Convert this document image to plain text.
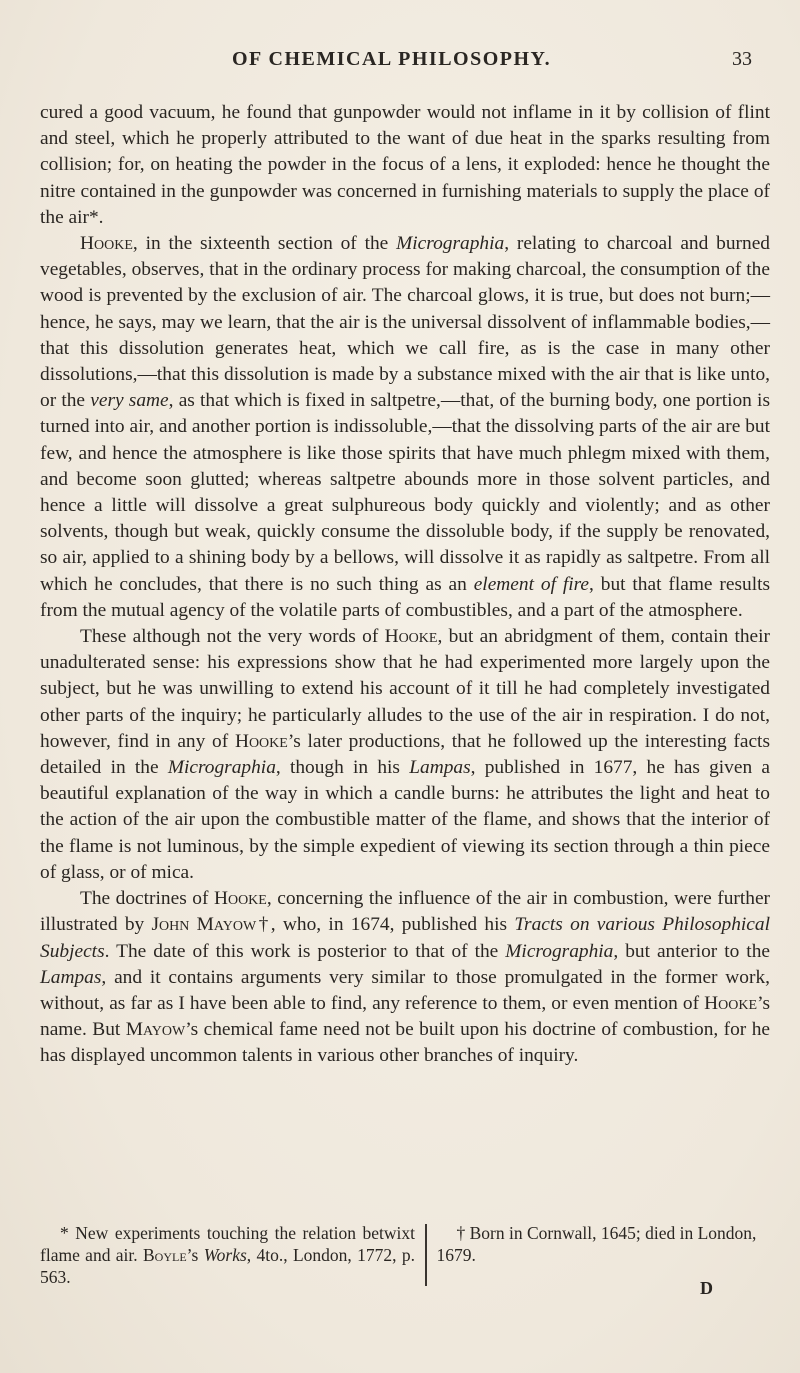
OF CHEMICAL PHILOSOPHY.	33

cured a good vacuum, he found that gunpowder would not inflame in it by collision of flint and steel, which he properly attributed to the want of due heat in the sparks resulting from collision; for, on heating the powder in the focus of a lens, it exploded: hence he thought the nitre contained in the gunpowder was concerned in furnishing materials to supply the place of the air*.

Hooke, in the sixteenth section of the Micrographia, relating to charcoal and burned vegetables, observes, that in the ordinary process for making charcoal, the consumption of the wood is prevented by the exclusion of air. The charcoal glows, it is true, but does not burn;—hence, he says, may we learn, that the air is the universal dissolvent of inflammable bodies,—that this dissolution generates heat, which we call fire, as is the case in many other dissolutions,—that this dissolution is made by a substance mixed with the air that is like unto, or the very same, as that which is fixed in saltpetre,—that, of the burning body, one portion is turned into air, and another portion is indissoluble,—that the dissolving parts of the air are but few, and hence the atmosphere is like those spirits that have much phlegm mixed with them, and become soon glutted; whereas saltpetre abounds more in those solvent particles, and hence a little will dissolve a great sulphureous body quickly and violently; and as other solvents, though but weak, quickly consume the dissoluble body, if the supply be renovated, so air, applied to a shining body by a bellows, will dissolve it as rapidly as saltpetre. From all which he concludes, that there is no such thing as an element of fire, but that flame results from the mutual agency of the volatile parts of combustibles, and a part of the atmosphere.

These although not the very words of Hooke, but an abridgment of them, contain their unadulterated sense: his expressions show that he had experimented more largely upon the subject, but he was unwilling to extend his account of it till he had completely investigated other parts of the inquiry; he particularly alludes to the use of the air in respiration. I do not, however, find in any of Hooke’s later productions, that he followed up the interesting facts detailed in the Micrographia, though in his Lampas, published in 1677, he has given a beautiful explanation of the way in which a candle burns: he attributes the light and heat to the action of the air upon the combustible matter of the flame, and shows that the interior of the flame is not luminous, by the simple expedient of viewing its section through a thin piece of glass, or of mica.

The doctrines of Hooke, concerning the influence of the air in combustion, were further illustrated by John Mayow†, who, in 1674, published his Tracts on various Philosophical Subjects. The date of this work is posterior to that of the Micrographia, but anterior to the Lampas, and it contains arguments very similar to those promulgated in the former work, without, as far as I have been able to find, any reference to them, or even mention of Hooke’s name. But Mayow’s chemical fame need not be built upon his doctrine of combustion, for he has displayed uncommon talents in various other branches of inquiry.

* New experiments touching the relation betwixt flame and air. Boyle’s Works, 4to., London, 1772, p. 563.
† Born in Cornwall, 1645; died in London, 1679.
D
